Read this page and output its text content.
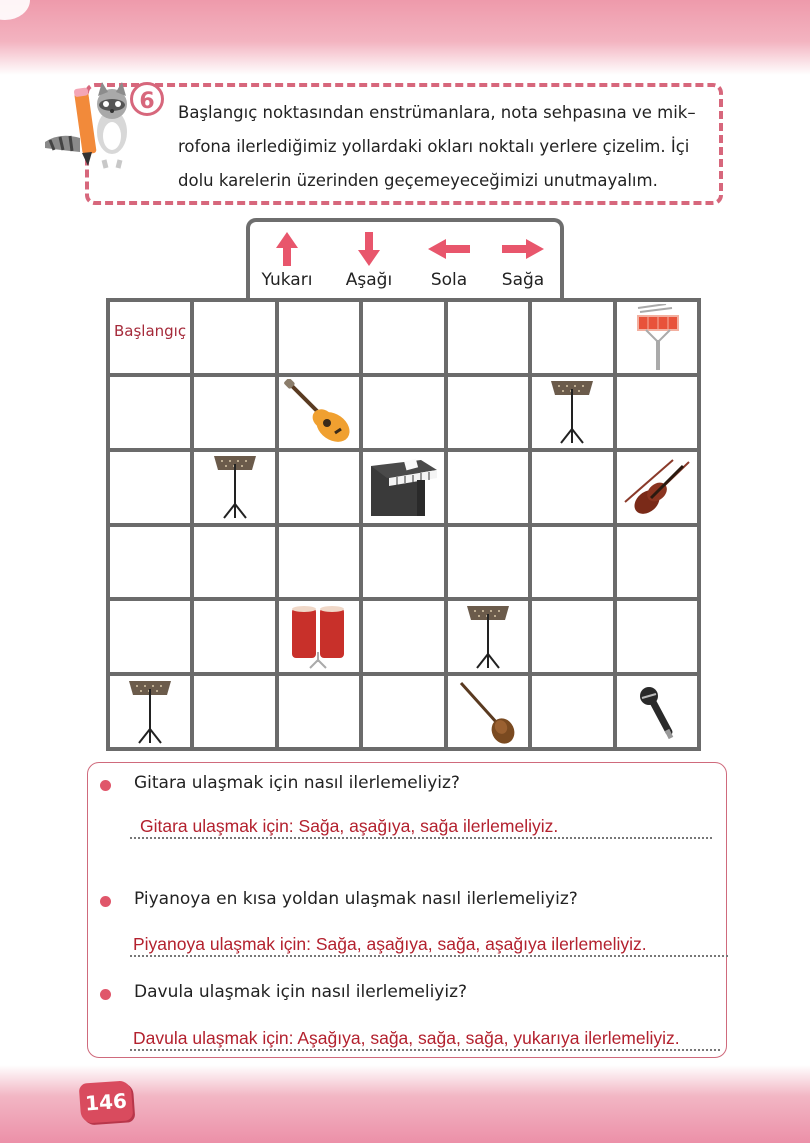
6	Başlangıç noktasından enstrümanlara, nota sehpasına ve mik–
rofona ilerlediğimiz yollardaki okları noktalı yerlere çizelim. İçi
dolu karelerin üzerinden geçemeyeceğimizi unutmayalım.
Yukarı	Aşağı	Sola	Sağa
Başlangıç
Gitara ulaşmak için nasıl ilerlemeliyiz?
Gitara ulaşmak için: Sağa, aşağıya, sağa ilerlemeliyiz.
Piyanoya en kısa yoldan ulaşmak nasıl ilerlemeliyiz?
Piyanoya ulaşmak için: Sağa, aşağıya, sağa, aşağıya ilerlemeliyiz.
Davula ulaşmak için nasıl ilerlemeliyiz?
Davula ulaşmak için: Aşağıya, sağa, sağa, sağa, yukarıya ilerlemeliyiz.
146
